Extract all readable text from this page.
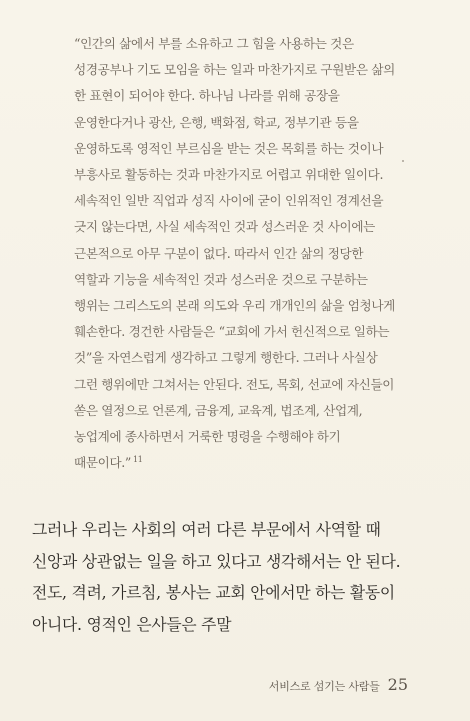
“인간의 삶에서 부를 소유하고 그 힘을 사용하는 것은 성경공부나 기도 모임을 하는 일과 마찬가지로 구원받은 삶의 한 표현이 되어야 한다. 하나님 나라를 위해 공장을 운영한다거나 광산, 은행, 백화점, 학교, 정부기관 등을 운영하도록 영적인 부르심을 받는 것은 목회를 하는 것이나 부흥사로 활동하는 것과 마찬가지로 어렵고 위대한 일이다. 세속적인 일반 직업과 성직 사이에 굳이 인위적인 경계선을 긋지 않는다면, 사실 세속적인 것과 성스러운 것 사이에는 근본적으로 아무 구분이 없다. 따라서 인간 삶의 정당한 역할과 기능을 세속적인 것과 성스러운 것으로 구분하는 행위는 그리스도의 본래 의도와 우리 개개인의 삶을 엄청나게 훼손한다. 경건한 사람들은 “교회에 가서 헌신적으로 일하는 것”을 자연스럽게 생각하고 그렇게 행한다. 그러나 사실상 그런 행위에만 그쳐서는 안된다. 전도, 목회, 선교에 자신들이 쏟은 열정으로 언론계, 금융계, 교육계, 법조계, 산업계, 농업계에 종사하면서 거룩한 명령을 수행해야 하기 때문이다.” $^{11}$

그러나 우리는 사회의 여러 다른 부문에서 사역할 때 신앙과 상관없는 일을 하고 있다고 생각해서는 안 된다. 전도, 격려, 가르침, 봉사는 교회 안에서만 하는 활동이 아니다. 영적인 은사들은 주말

서비스로 섬기는 사람들 25
